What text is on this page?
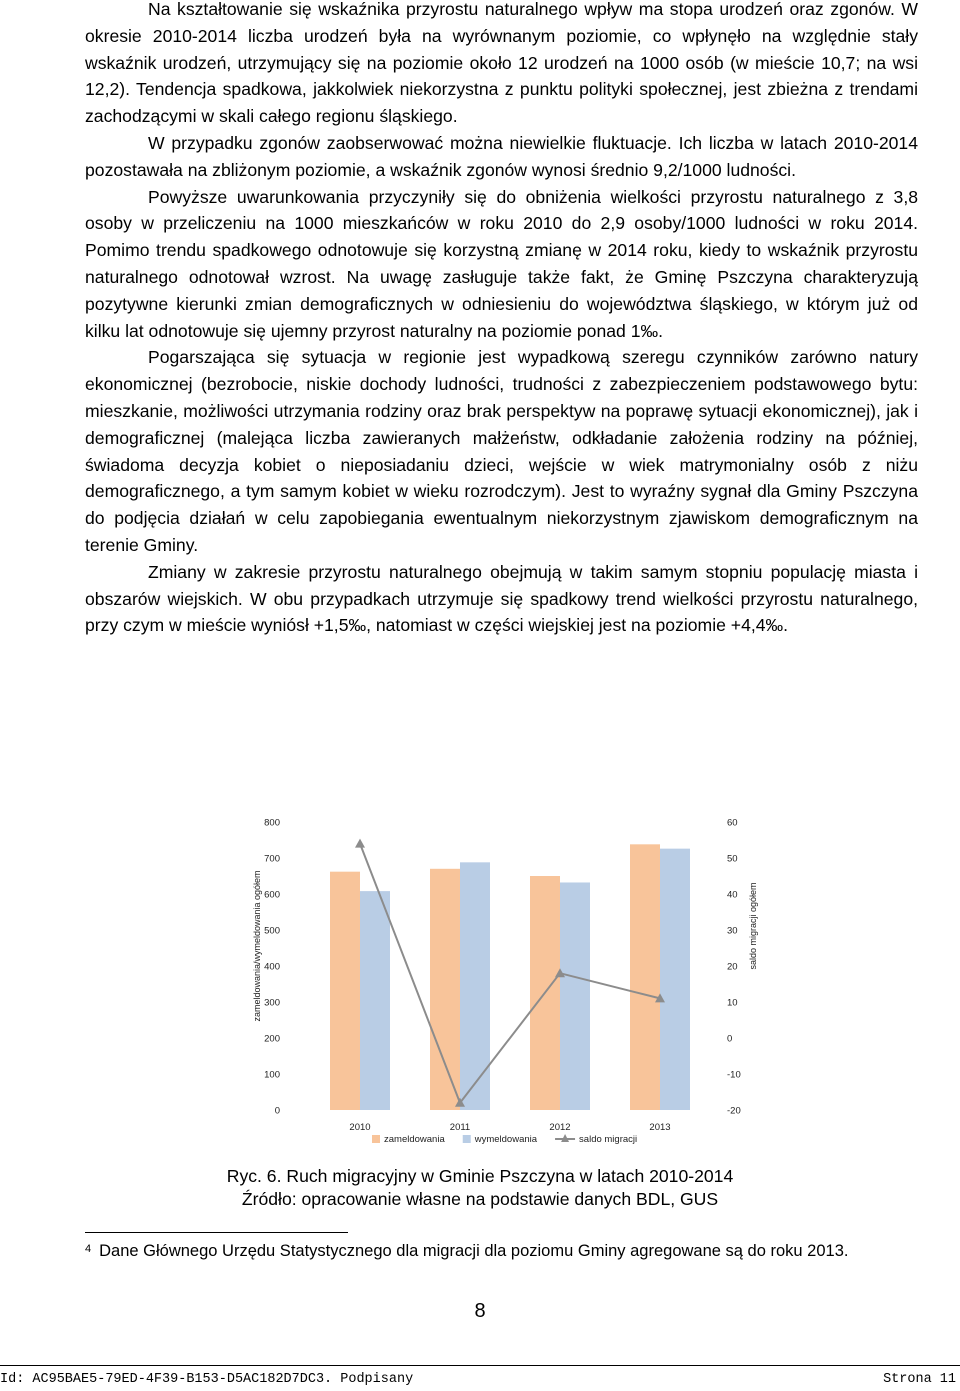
Na kształtowanie się wskaźnika przyrostu naturalnego wpływ ma stopa urodzeń oraz zgonów. W okresie 2010-2014 liczba urodzeń była na wyrównanym poziomie, co wpłynęło na względnie stały wskaźnik urodzeń, utrzymujący się na poziomie około 12 urodzeń na 1000 osób (w mieście 10,7; na wsi 12,2). Tendencja spadkowa, jakkolwiek niekorzystna z punktu polityki społecznej, jest zbieżna z trendami zachodzącymi w skali całego regionu śląskiego.

W przypadku zgonów zaobserwować można niewielkie fluktuacje. Ich liczba w latach 2010-2014 pozostawała na zbliżonym poziomie, a wskaźnik zgonów wynosi średnio 9,2/1000 ludności.

Powyższe uwarunkowania przyczyniły się do obniżenia wielkości przyrostu naturalnego z 3,8 osoby w przeliczeniu na 1000 mieszkańców w roku 2010 do 2,9 osoby/1000 ludności w roku 2014. Pomimo trendu spadkowego odnotowuje się korzystną zmianę w 2014 roku, kiedy to wskaźnik przyrostu naturalnego odnotował wzrost. Na uwagę zasługuje także fakt, że Gminę Pszczyna charakteryzują pozytywne kierunki zmian demograficznych w odniesieniu do województwa śląskiego, w którym już od kilku lat odnotowuje się ujemny przyrost naturalny na poziomie ponad 1‰.

Pogarszająca się sytuacja w regionie jest wypadkową szeregu czynników zarówno natury ekonomicznej (bezrobocie, niskie dochody ludności, trudności z zabezpieczeniem podstawowego bytu: mieszkanie, możliwości utrzymania rodziny oraz brak perspektyw na poprawę sytuacji ekonomicznej), jak i demograficznej (malejąca liczba zawieranych małżeństw, odkładanie założenia rodziny na później, świadoma decyzja kobiet o nieposiadaniu dzieci, wejście w wiek matrymonialny osób z niżu demograficznego, a tym samym kobiet w wieku rozrodczym). Jest to wyraźny sygnał dla Gminy Pszczyna do podjęcia działań w celu zapobiegania ewentualnym niekorzystnym zjawiskom demograficznym na terenie Gminy.

Zmiany w zakresie przyrostu naturalnego obejmują w takim samym stopniu populację miasta i obszarów wiejskich. W obu przypadkach utrzymuje się spadkowy trend wielkości przyrostu naturalnego, przy czym w mieście wyniósł +1,5‰, natomiast w części wiejskiej jest na poziomie +4,4‰.

0
100
200
300
400
500
600
700
800
-20
-10
0
10
20
30
40
50
60
zameldowania/wymeldowania ogółem	saldo migracji ogółem
2010	2011	2012	2013
zameldowania	wymeldowania	saldo migracji
Ryc. 6. Ruch migracyjny w Gminie Pszczyna w latach 2010-2014
Źródło: opracowanie własne na podstawie danych BDL, GUS
$^4$ Dane Głównego Urzędu Statystycznego dla migracji dla poziomu Gminy agregowane są do roku 2013.
8
Id: AC95BAE5-79ED-4F39-B153-D5AC182D7DC3. Podpisany	Strona 11
